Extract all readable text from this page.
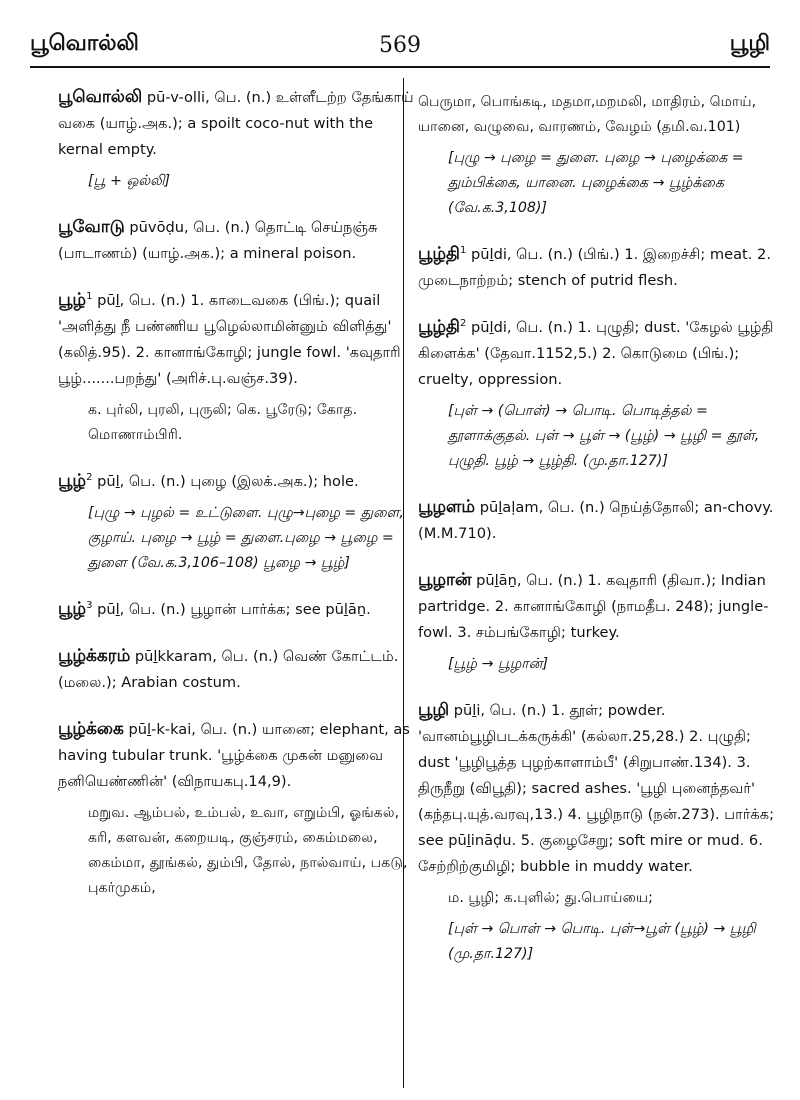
பூவொல்லி	569	பூழி
பூவொல்லி pū-v-olli, பெ. (n.) உள்ளீடற்ற தேங்காய் வகை (யாழ்.அக.); a spoilt coco-nut with the kernal empty.
[பூ + ஒல்லி]
பூவோடு pūvōḍu, பெ. (n.) தொட்டி செய்நஞ்சு (பாடாணம்) (யாழ்.அக.); a mineral poison.
பூழ்$^1$ pūḻ, பெ. (n.) 1. காடைவகை (பிங்.); quail 'அளித்து நீ பண்ணிய பூழெல்லாமின்னும் விளித்து' (கலித்.95). 2. கானாங்கோழி; jungle fowl. 'கவுதாரி பூழ்.......பறந்து' (அரிச்.பு.வஞ்ச.39).
க. புர்லி, புரலி, புருலி; கெ. பூரேடு; கோத. மொணாம்பிரி.
பூழ்$^2$ pūḻ, பெ. (n.) புழை (இலக்.அக.); hole.
[புழு → புழல் = உட்டுளை. புழு→புழை = துளை, குழாய். புழை → பூழ் = துளை.புழை → பூழை = துளை (வே.க.3,106–108) பூழை → பூழ்]
பூழ்$^3$ pūḻ, பெ. (n.) பூழான் பார்க்க; see pūḻāṉ.
பூழ்க்கரம் pūḻkkaram, பெ. (n.) வெண் கோட்டம். (மலை.); Arabian costum.
பூழ்க்கை pūḻ-k-kai, பெ. (n.) யானை; elephant, as having tubular trunk. 'பூழ்க்கை முகன் மனுவை நனியெண்ணின்' (விநாயகபு.14,9).
மறுவ. ஆம்பல், உம்பல், உவா, எறும்பி, ஓங்கல், கரி, களவன், கறையடி, குஞ்சரம், கைம்மலை, கைம்மா, தூங்கல், தும்பி, தோல், நால்வாய், பகடு, புகர்முகம்,
பெருமா, பொங்கடி, மதமா,மறமலி, மாதிரம், மொய், யானை, வழுவை, வாரணம், வேழம் (தமி.வ.101)
[புழு → புழை = துளை. புழை → புழைக்கை = தும்பிக்கை, யானை. புழைக்கை → பூழ்க்கை (வே.க.3,108)]
பூழ்தி$^1$ pūḻdi, பெ. (n.) (பிங்.) 1. இறைச்சி; meat. 2. முடைநாற்றம்; stench of putrid flesh.
பூழ்தி$^2$ pūḻdi, பெ. (n.) 1. புழுதி; dust. 'கேழல் பூழ்தி கிளைக்க' (தேவா.1152,5.) 2. கொடுமை (பிங்.); cruelty, oppression.
[புள் → (பொள்) → பொடி. பொடித்தல் = தூளாக்குதல். புள் → பூள் → (பூழ்) → பூழி = தூள், புழுதி. பூழ் → பூழ்தி. (மு.தா.127)]
பூழளம் pūḻaḷam, பெ. (n.) நெய்த்தோலி; an-chovy. (M.M.710).
பூழான் pūḻāṉ, பெ. (n.) 1. கவுதாரி (திவா.); Indian partridge. 2. கானாங்கோழி (நாமதீப. 248); jungle-fowl. 3. சம்பங்கோழி; turkey.
[பூழ் → பூழான்]
பூழி pūḻi, பெ. (n.) 1. தூள்; powder. 'வானம்பூழிபடக்கருக்கி' (கல்லா.25,28.) 2. புழுதி; dust 'பூழிபூத்த புழற்காளாம்பீ' (சிறுபாண்.134). 3. திருநீறு (விபூதி); sacred ashes. 'பூழி புனைந்தவர்' (கந்தபு.யுத்.வரவு,13.) 4. பூழிநாடு (நன்.273). பார்க்க; see pūḻināḍu. 5. குழைசேறு; soft mire or mud. 6. சேற்றிற்குமிழி; bubble in muddy water.
ம. பூழி; க.புளில்; து.பொய்யை;
[புள் → பொள் → பொடி. புள்→பூள் (பூழ்) → பூழி (மு.தா.127)]
